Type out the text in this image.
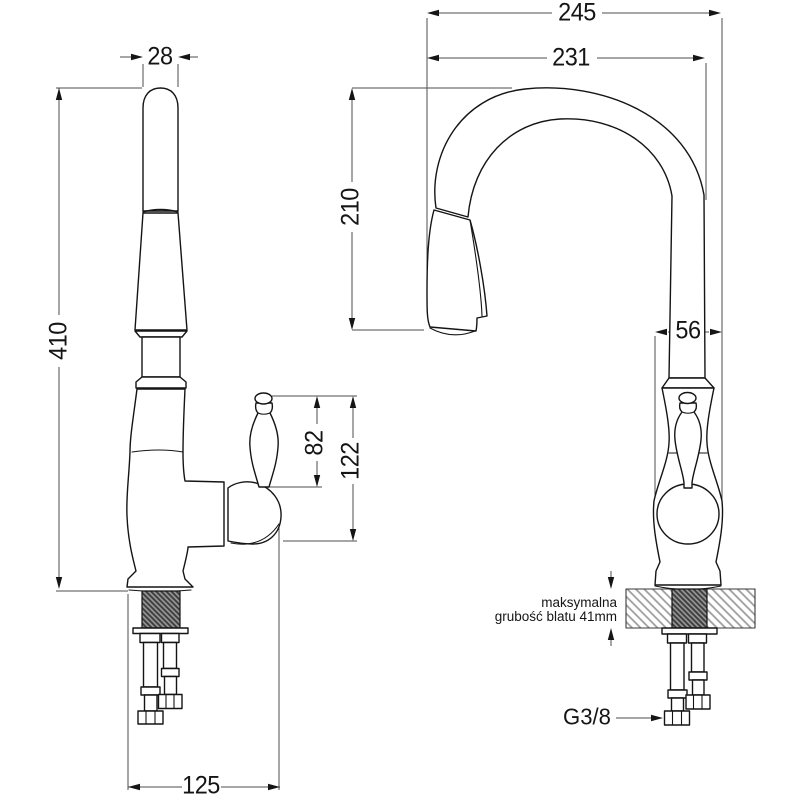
28
410
82 122
125
245
231
210
56
maksymalna
grubość blatu 41mm
G3/8
